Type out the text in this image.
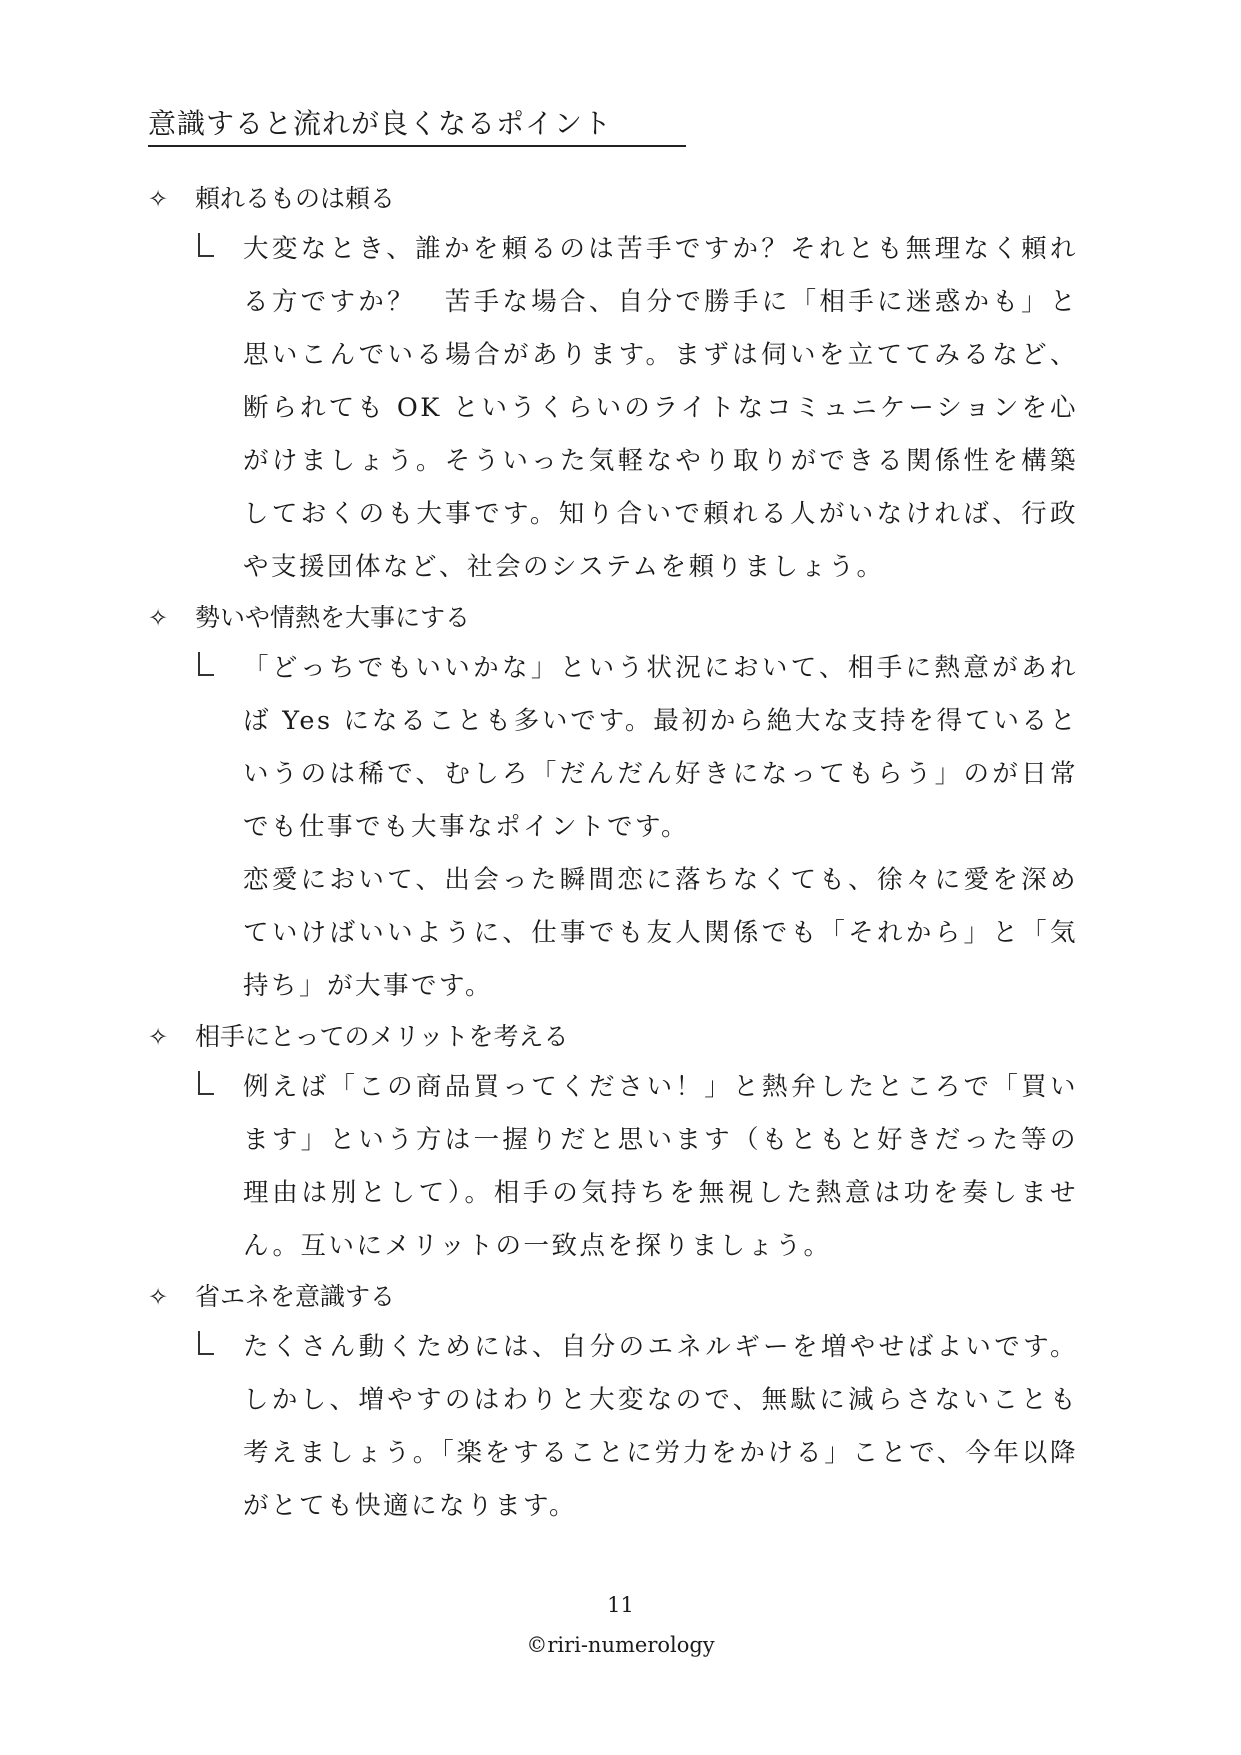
意識すると流れが良くなるポイント
✧	頼れるものは頼る

大変なとき、誰かを頼るのは苦手ですか？それとも無理なく頼れる方ですか？　苦手な場合、自分で勝手に「相手に迷惑かも」と思いこんでいる場合があります。まずは伺いを立ててみるなど、断られても OK というくらいのライトなコミュニケーションを心がけましょう。そういった気軽なやり取りができる関係性を構築しておくのも大事です。知り合いで頼れる人がいなければ、行政や支援団体など、社会のシステムを頼りましょう。

✧	勢いや情熱を大事にする

「どっちでもいいかな」という状況において、相手に熱意があれば Yes になることも多いです。最初から絶大な支持を得ているというのは稀で、むしろ「だんだん好きになってもらう」のが日常でも仕事でも大事なポイントです。

恋愛において、出会った瞬間恋に落ちなくても、徐々に愛を深めていけばいいように、仕事でも友人関係でも「それから」と「気持ち」が大事です。

✧	相手にとってのメリットを考える

例えば「この商品買ってください！」と熱弁したところで「買います」という方は一握りだと思います（もともと好きだった等の理由は別として）。相手の気持ちを無視した熱意は功を奏しません。互いにメリットの一致点を探りましょう。

✧	省エネを意識する

たくさん動くためには、自分のエネルギーを増やせばよいです。しかし、増やすのはわりと大変なので、無駄に減らさないことも考えましょう。「楽をすることに労力をかける」ことで、今年以降がとても快適になります。

11
©riri-numerology
